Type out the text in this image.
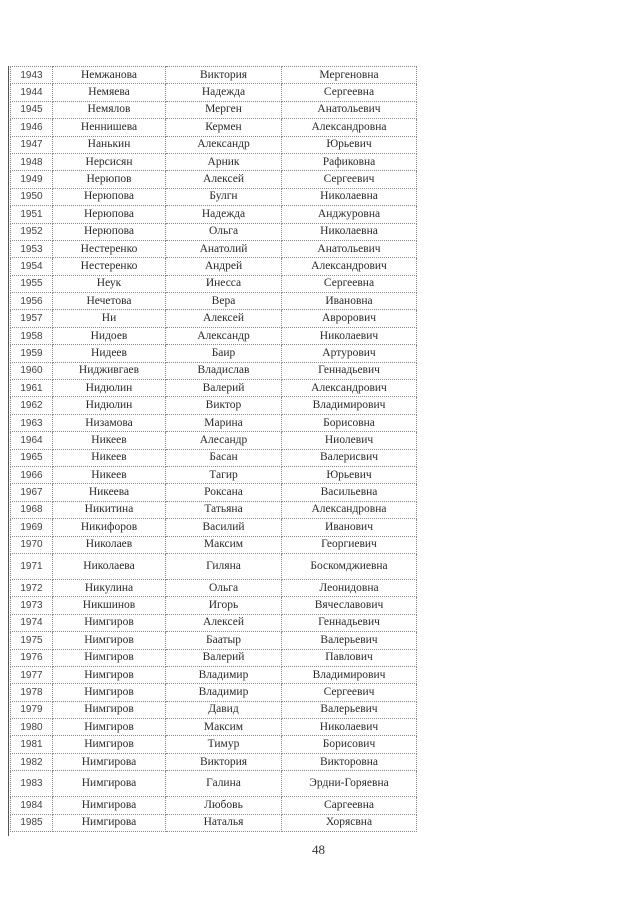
1943	Немжанова	Виктория	Мергеновна
1944	Немяева	Надежда	Сергеевна
1945	Немялов	Мерген	Анатольевич
1946	Неннишева	Кермен	Александровна
1947	Нанькин	Александр	Юрьевич
1948	Нерсисян	Арник	Рафиковна
1949	Нерюпов	Алексей	Сергеевич
1950	Нерюпова	Булгн	Николаевна
1951	Нерюпова	Надежда	Анджуровна
1952	Нерюпова	Ольга	Николаевна
1953	Нестеренко	Анатолий	Анатольевич
1954	Нестеренко	Андрей	Александрович
1955	Неук	Инесса	Сергеевна
1956	Нечетова	Вера	Ивановна
1957	Ни	Алексей	Аврорович
1958	Нидоев	Александр	Николаевич
1959	Нидеев	Баир	Артурович
1960	Нидживгаев	Владислав	Геннадьевич
1961	Нидюлин	Валерий	Александрович
1962	Нидюлин	Виктор	Владимирович
1963	Низамова	Марина	Борисовна
1964	Никеев	Алесандр	Ниолевич
1965	Никеев	Басан	Валерисвич
1966	Никеев	Тагир	Юрьевич
1967	Никеева	Роксана	Васильевна
1968	Никитина	Татьяна	Александровна
1969	Никифоров	Василий	Иванович
1970	Николаев	Максим	Георгиевич
1971	Николаева	Гиляна	Боскомджиевна
1972	Никулина	Ольга	Леонидовна
1973	Никшинов	Игорь	Вячеславович
1974	Нимгиров	Алексей	Геннадьевич
1975	Нимгиров	Баатыр	Валерьевич
1976	Нимгиров	Валерий	Павлович
1977	Нимгиров	Владимир	Владимирович
1978	Нимгиров	Владимир	Сергеевич
1979	Нимгиров	Давид	Валерьевич
1980	Нимгиров	Максим	Николаевич
1981	Нимгиров	Тимур	Борисович
1982	Нимгирова	Виктория	Викторовна
1983	Нимгирова	Галина	Эрдни-Горяевна
1984	Нимгирова	Любовь	Саргеевна
1985	Нимгирова	Наталья	Хорясвна
48
